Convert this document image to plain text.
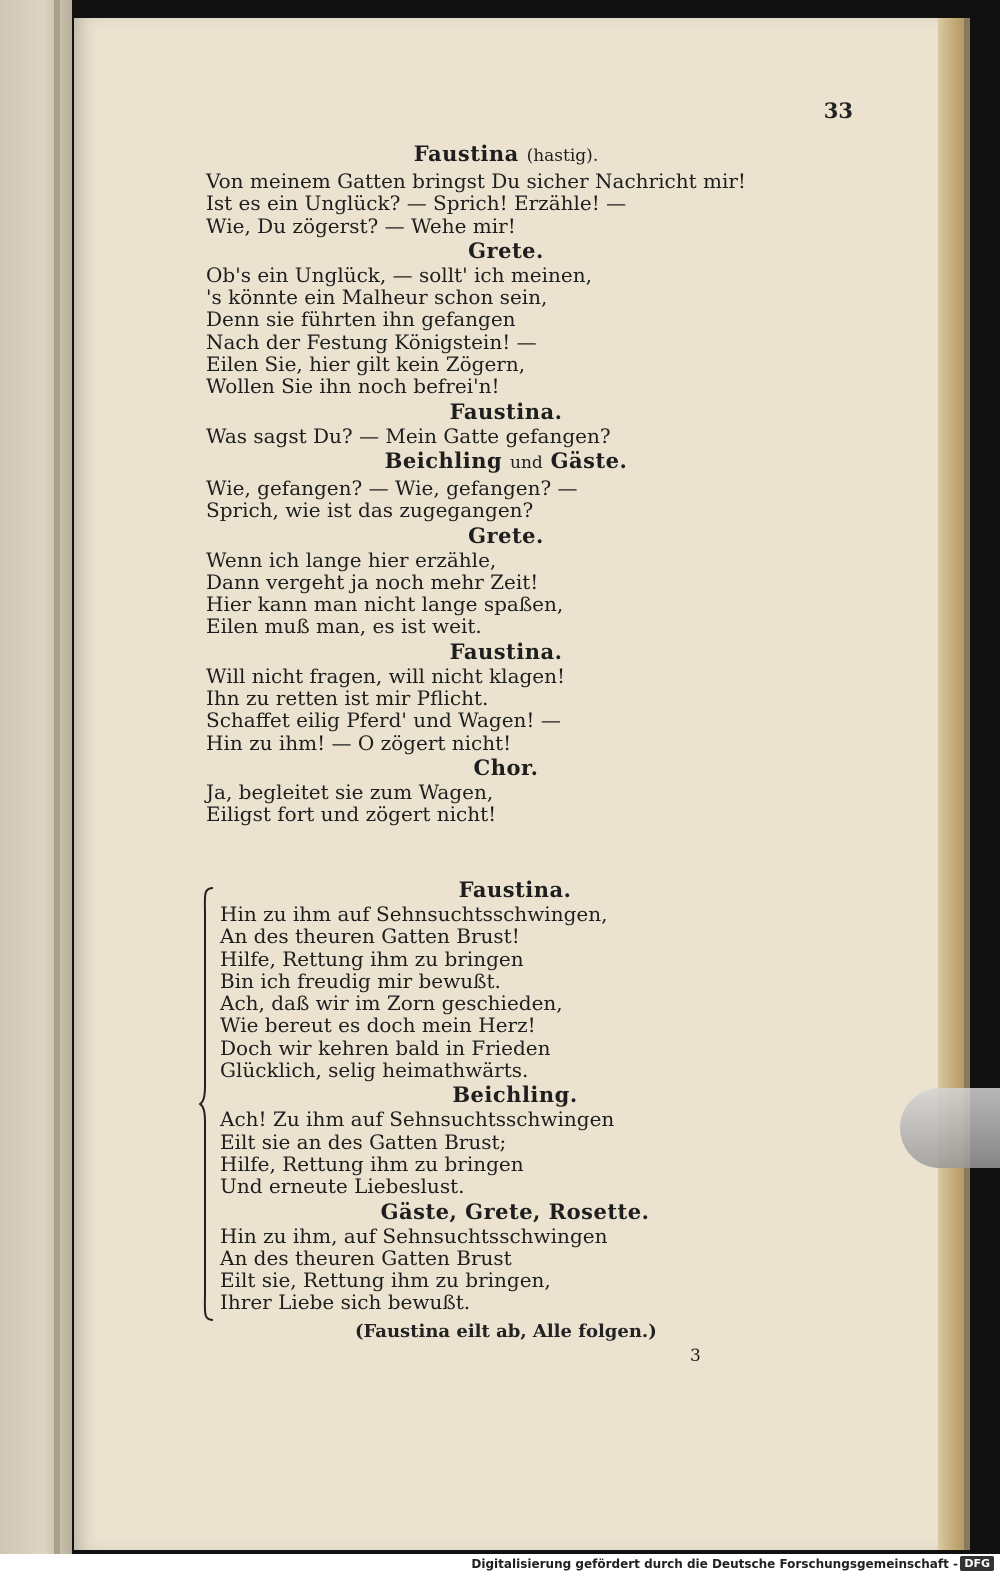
33
Faustina (hastig).
Von meinem Gatten bringst Du sicher Nachricht mir!
Ist es ein Unglück? — Sprich! Erzähle! —
Wie, Du zögerst? — Wehe mir!
Grete.
Ob's ein Unglück, — sollt' ich meinen,
's könnte ein Malheur schon sein,
Denn sie führten ihn gefangen
Nach der Festung Königstein! —
Eilen Sie, hier gilt kein Zögern,
Wollen Sie ihn noch befrei'n!
Faustina.
Was sagst Du? — Mein Gatte gefangen?
Beichling und Gäste.
Wie, gefangen? — Wie, gefangen? —
Sprich, wie ist das zugegangen?
Grete.
Wenn ich lange hier erzähle,
Dann vergeht ja noch mehr Zeit!
Hier kann man nicht lange spaßen,
Eilen muß man, es ist weit.
Faustina.
Will nicht fragen, will nicht klagen!
Ihn zu retten ist mir Pflicht.
Schaffet eilig Pferd' und Wagen! —
Hin zu ihm! — O zögert nicht!
Chor.
Ja, begleitet sie zum Wagen,
Eiligst fort und zögert nicht!
Faustina.
Hin zu ihm auf Sehnsuchtsschwingen,
An des theuren Gatten Brust!
Hilfe, Rettung ihm zu bringen
Bin ich freudig mir bewußt.
Ach, daß wir im Zorn geschieden,
Wie bereut es doch mein Herz!
Doch wir kehren bald in Frieden
Glücklich, selig heimathwärts.
Beichling.
Ach! Zu ihm auf Sehnsuchtsschwingen
Eilt sie an des Gatten Brust;
Hilfe, Rettung ihm zu bringen
Und erneute Liebeslust.
Gäste, Grete, Rosette.
Hin zu ihm, auf Sehnsuchtsschwingen
An des theuren Gatten Brust
Eilt sie, Rettung ihm zu bringen,
Ihrer Liebe sich bewußt.
(Faustina eilt ab, Alle folgen.)
3
Digitalisierung gefördert durch die Deutsche Forschungsgemeinschaft - DFG
